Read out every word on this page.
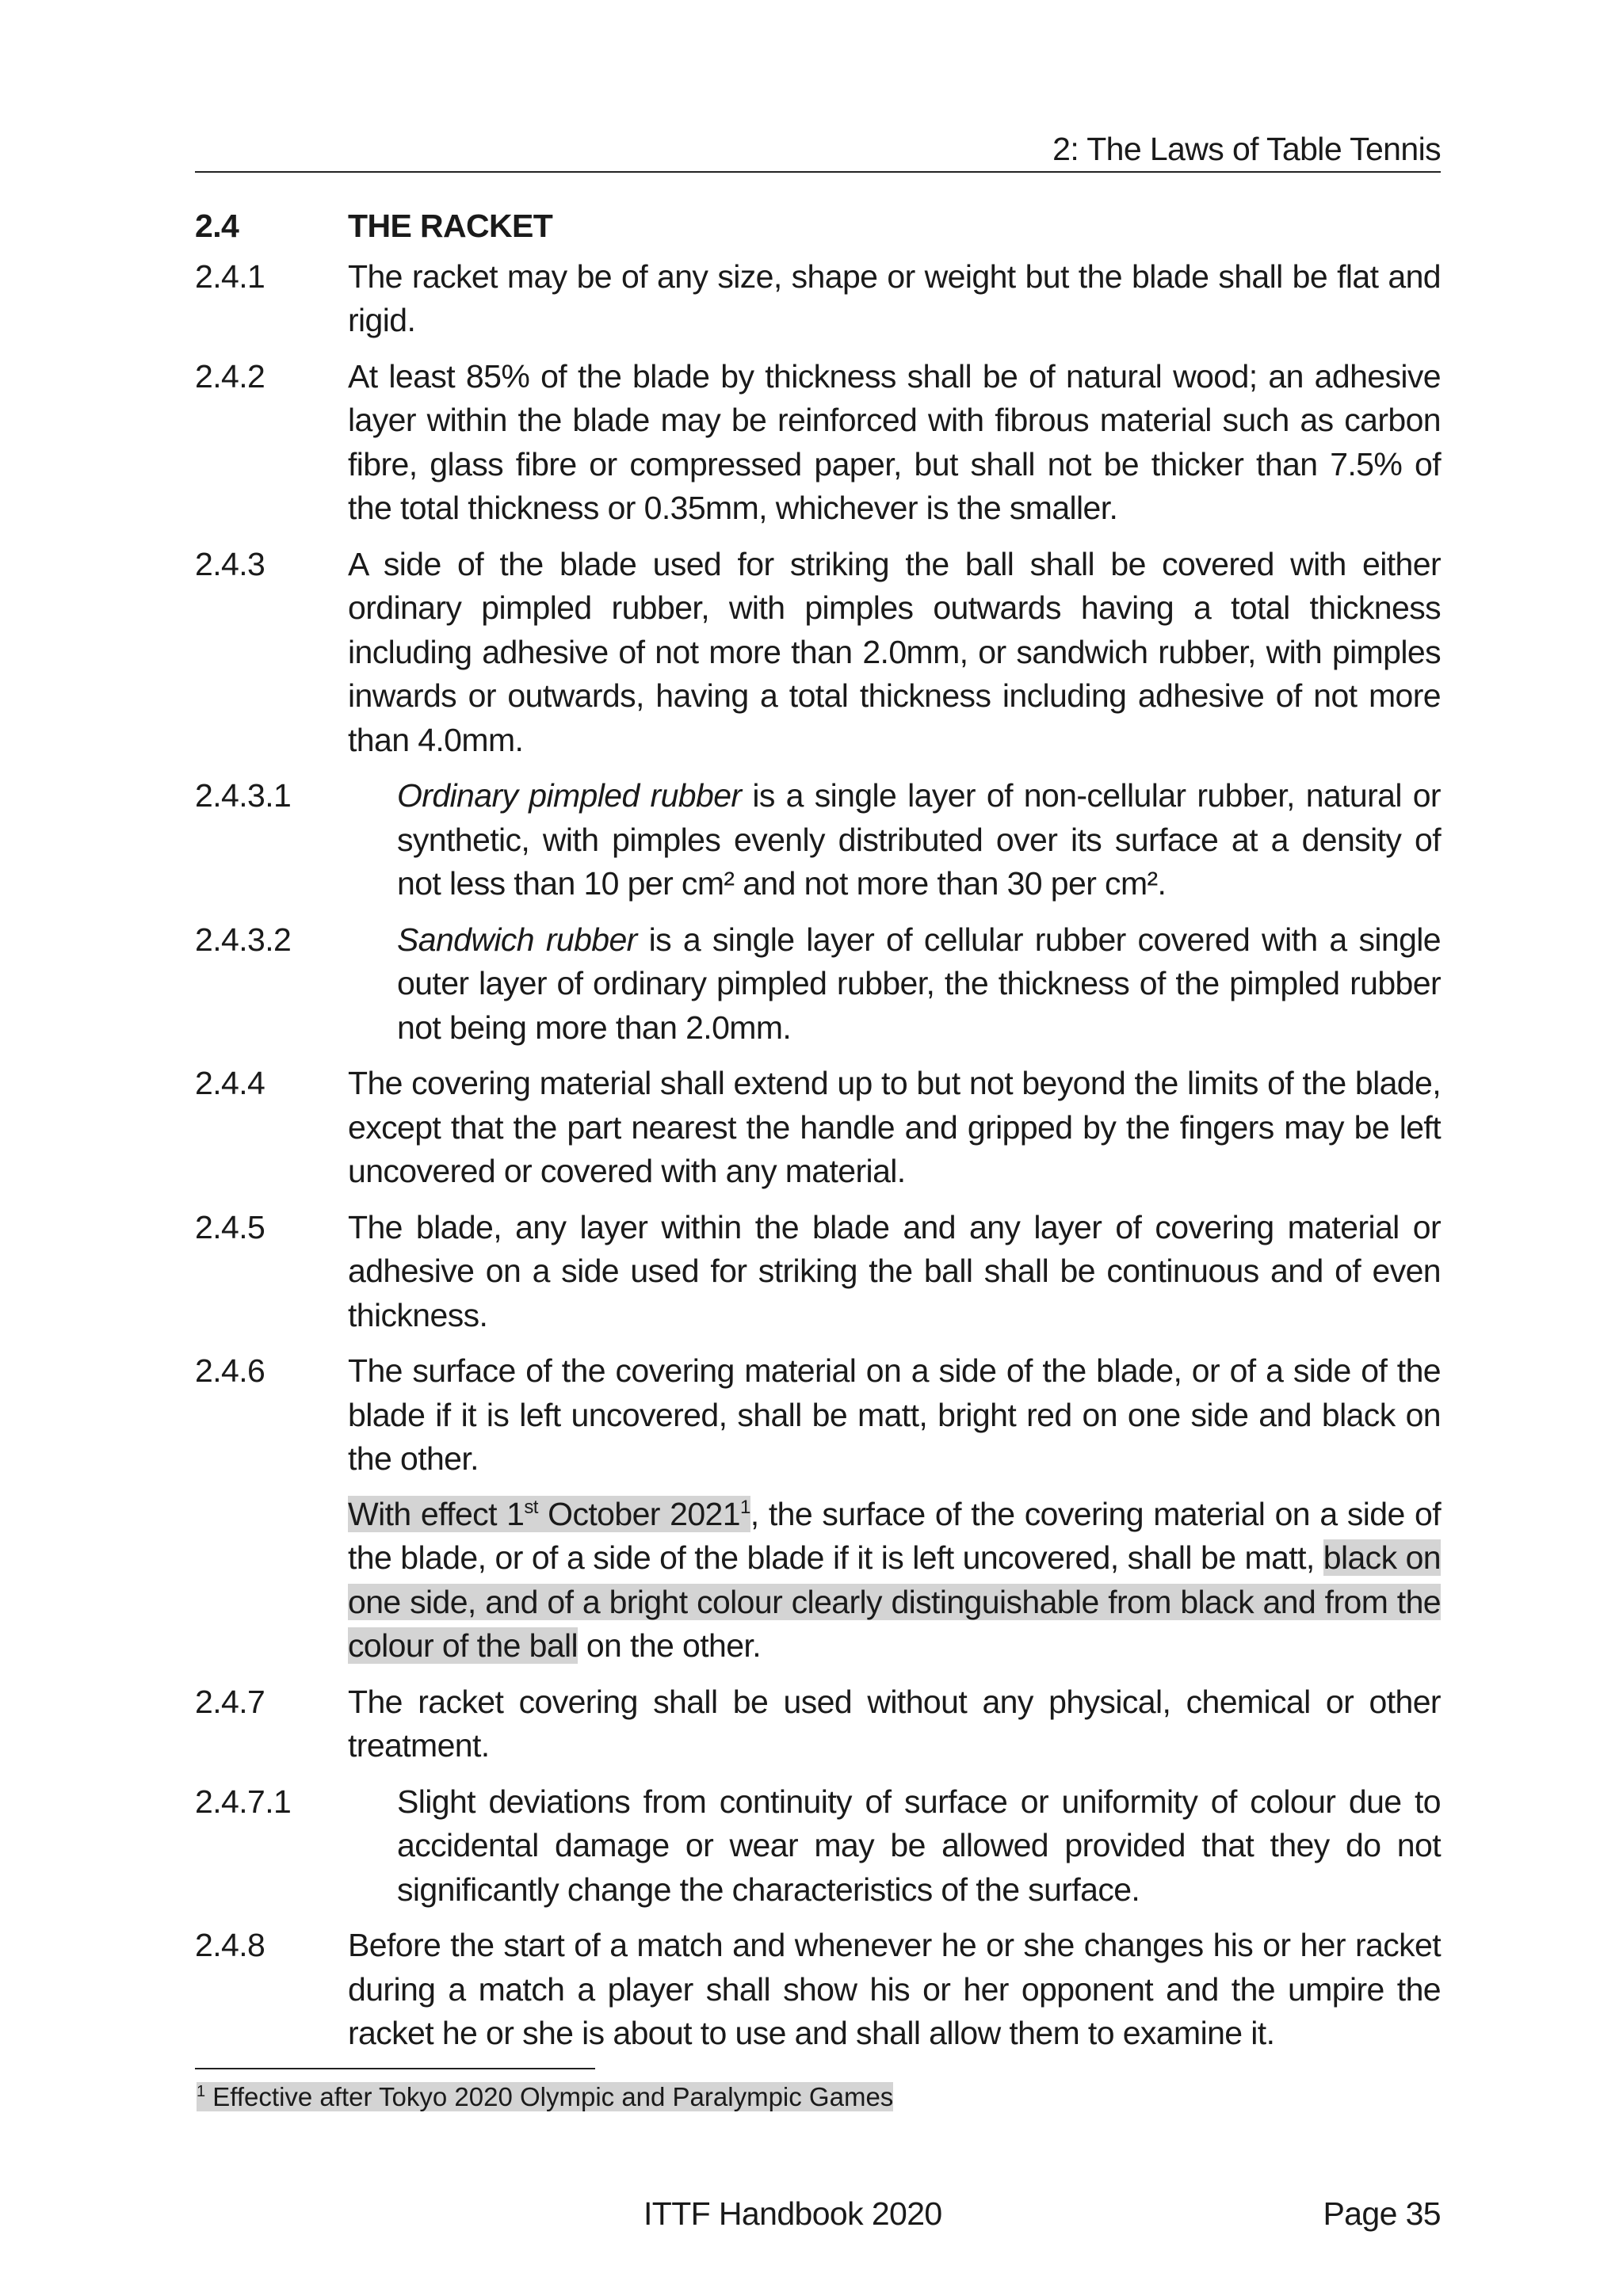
2: The Laws of Table Tennis
2.4	THE RACKET
2.4.1	The racket may be of any size, shape or weight but the blade shall be flat and rigid.
2.4.2	At least 85% of the blade by thickness shall be of natural wood; an adhesive layer within the blade may be reinforced with fibrous material such as carbon fibre, glass fibre or compressed paper, but shall not be thicker than 7.5% of the total thickness or 0.35mm, whichever is the smaller.
2.4.3	A side of the blade used for striking the ball shall be covered with either ordinary pimpled rubber, with pimples outwards having a total thickness including adhesive of not more than 2.0mm, or sandwich rubber, with pimples inwards or outwards, having a total thickness including adhesive of not more than 4.0mm.
2.4.3.1	Ordinary pimpled rubber is a single layer of non-cellular rubber, natural or synthetic, with pimples evenly distributed over its surface at a density of not less than 10 per cm² and not more than 30 per cm².
2.4.3.2	Sandwich rubber is a single layer of cellular rubber covered with a single outer layer of ordinary pimpled rubber, the thickness of the pimpled rubber not being more than 2.0mm.
2.4.4	The covering material shall extend up to but not beyond the limits of the blade, except that the part nearest the handle and gripped by the fingers may be left uncovered or covered with any material.
2.4.5	The blade, any layer within the blade and any layer of covering material or adhesive on a side used for striking the ball shall be continuous and of even thickness.
2.4.6	The surface of the covering material on a side of the blade, or of a side of the blade if it is left uncovered, shall be matt, bright red on one side and black on the other.
With effect 1st October 2021$^1$, the surface of the covering material on a side of the blade, or of a side of the blade if it is left uncovered, shall be matt, black on one side, and of a bright colour clearly distinguishable from black and from the colour of the ball on the other.
2.4.7	The racket covering shall be used without any physical, chemical or other treatment.
2.4.7.1	Slight deviations from continuity of surface or uniformity of colour due to accidental damage or wear may be allowed provided that they do not significantly change the characteristics of the surface.
2.4.8	Before the start of a match and whenever he or she changes his or her racket during a match a player shall show his or her opponent and the umpire the racket he or she is about to use and shall allow them to examine it.
$^1$ Effective after Tokyo 2020 Olympic and Paralympic Games
ITTF Handbook 2020	Page 35
